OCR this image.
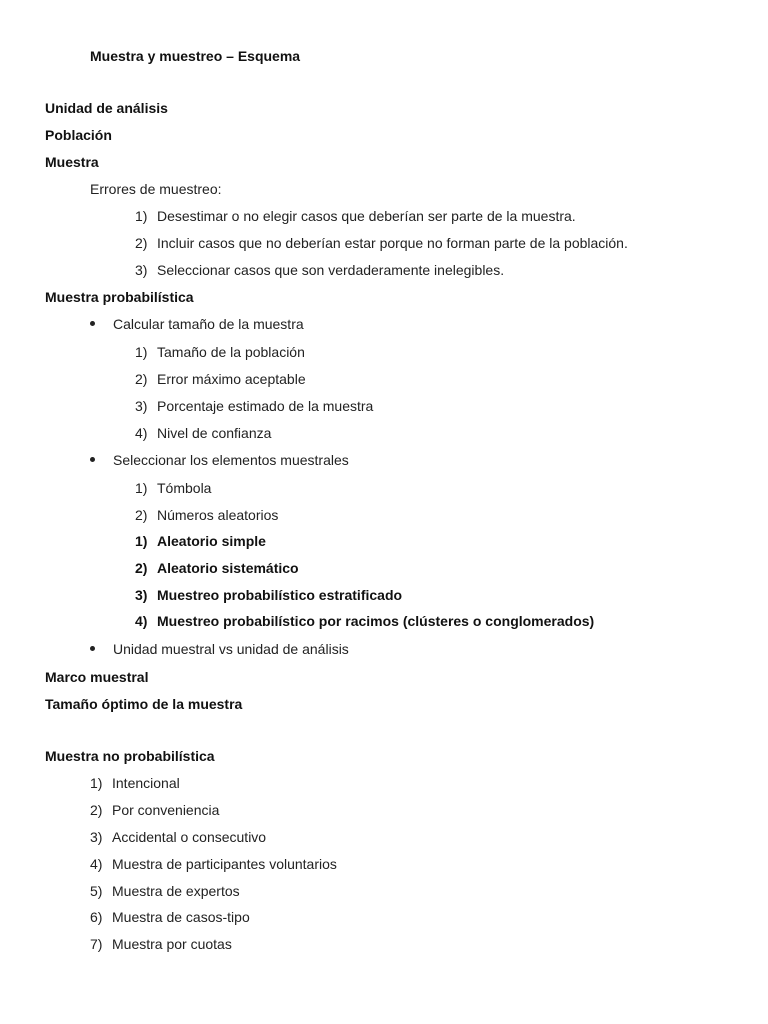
Muestra y muestreo – Esquema
Unidad de análisis
Población
Muestra
Errores de muestreo:
1) Desestimar o no elegir casos que deberían ser parte de la muestra.
2) Incluir casos que no deberían estar porque no forman parte de la población.
3) Seleccionar casos que son verdaderamente inelegibles.
Muestra probabilística
Calcular tamaño de la muestra
1) Tamaño de la población
2) Error máximo aceptable
3) Porcentaje estimado de la muestra
4) Nivel de confianza
Seleccionar los elementos muestrales
1) Tómbola
2) Números aleatorios
1) Aleatorio simple
2) Aleatorio sistemático
3) Muestreo probabilístico estratificado
4) Muestreo probabilístico por racimos (clústeres o conglomerados)
Unidad muestral vs unidad de análisis
Marco muestral
Tamaño óptimo de la muestra
Muestra no probabilística
1) Intencional
2) Por conveniencia
3) Accidental o consecutivo
4) Muestra de participantes voluntarios
5) Muestra de expertos
6) Muestra de casos-tipo
7) Muestra por cuotas
